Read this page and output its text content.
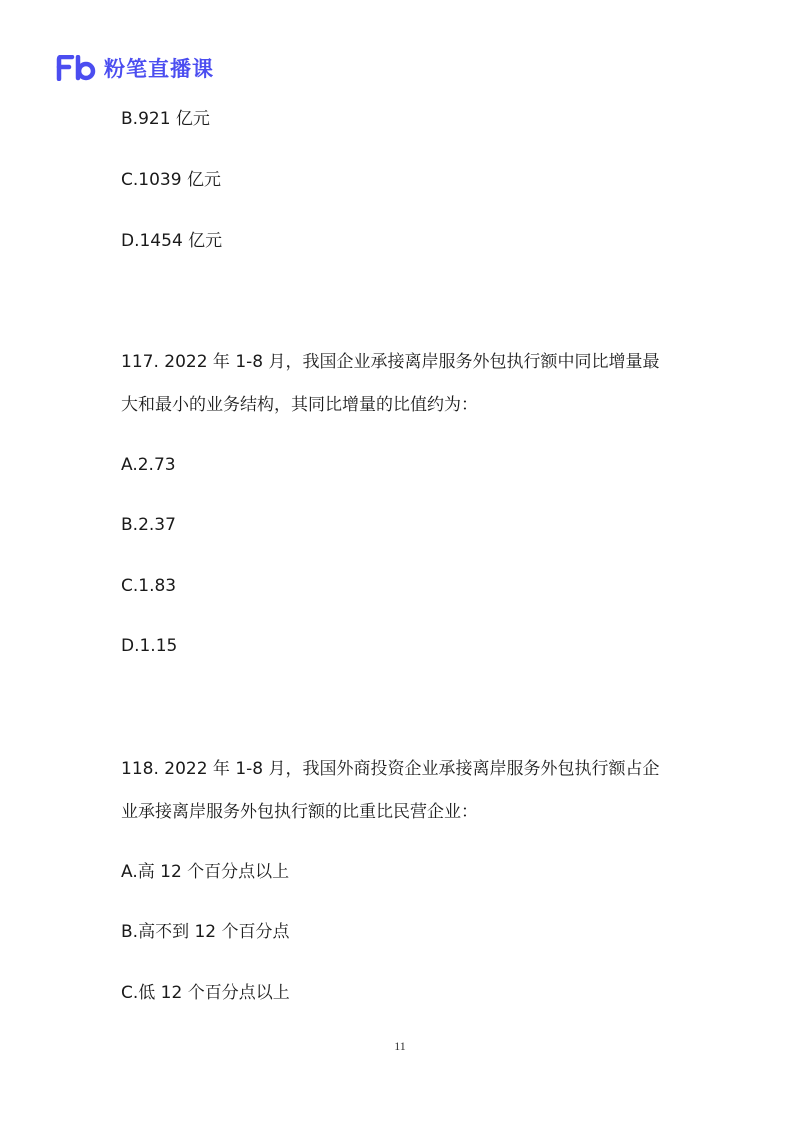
粉笔直播课
B.921 亿元
C.1039 亿元
D.1454 亿元
117. 2022 年 1-8 月，我国企业承接离岸服务外包执行额中同比增量最
大和最小的业务结构，其同比增量的比值约为：
A.2.73
B.2.37
C.1.83
D.1.15
118. 2022 年 1-8 月，我国外商投资企业承接离岸服务外包执行额占企
业承接离岸服务外包执行额的比重比民营企业：
A.高 12 个百分点以上
B.高不到 12 个百分点
C.低 12 个百分点以上
11
